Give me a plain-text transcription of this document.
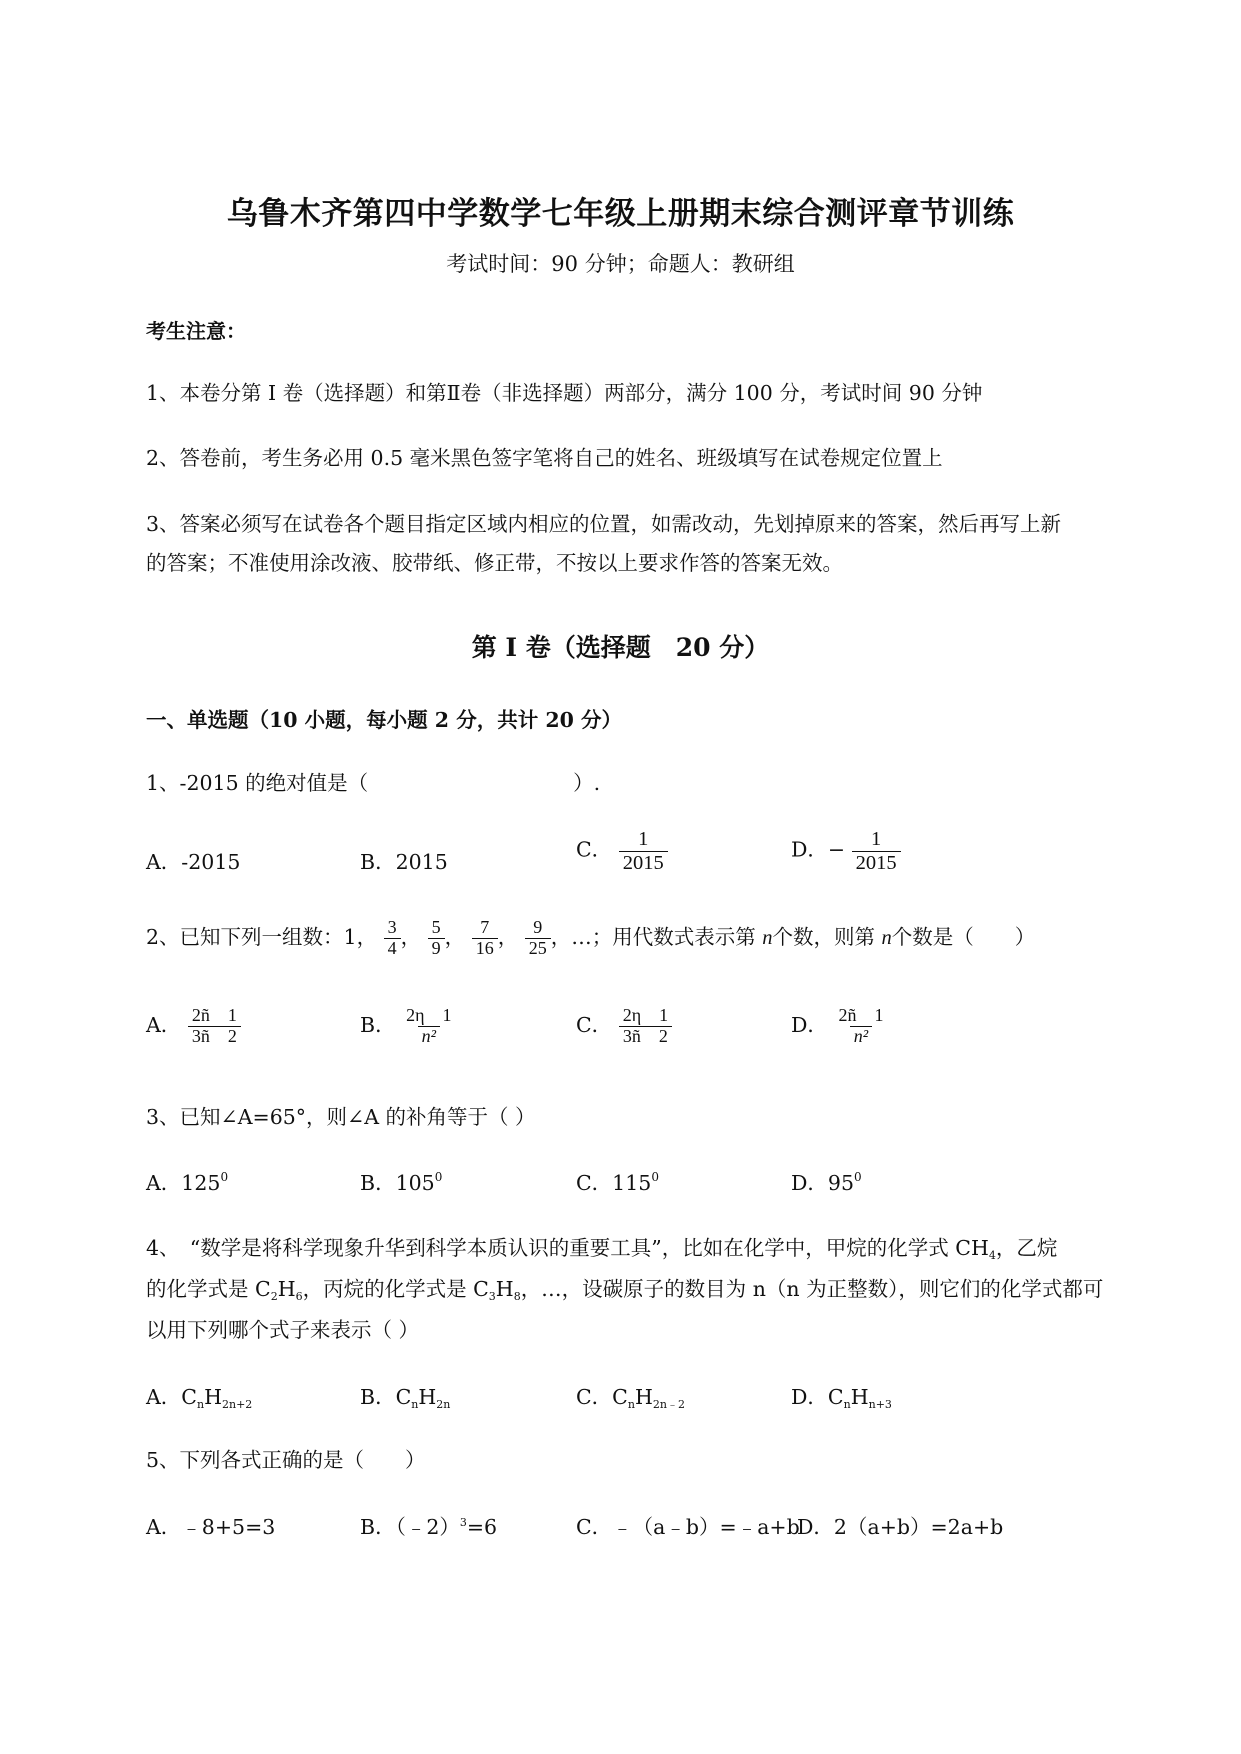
乌鲁木齐第四中学数学七年级上册期末综合测评章节训练
考试时间：90 分钟；命题人：教研组
考生注意：
1、本卷分第 I 卷（选择题）和第Ⅱ卷（非选择题）两部分，满分 100 分，考试时间 90 分钟
2、答卷前，考生务必用 0.5 毫米黑色签字笔将自己的姓名、班级填写在试卷规定位置上
3、答案必须写在试卷各个题目指定区域内相应的位置，如需改动，先划掉原来的答案，然后再写上新
的答案；不准使用涂改液、胶带纸、修正带，不按以上要求作答的答案无效。
第 I 卷（选择题　20 分）
一、单选题（10 小题，每小题 2 分，共计 20 分）
1、-2015 的绝对值是（　　　　　　　　　　）.
A．-2015	B．2015
C． $\frac{1}{2015}$	D．− $\frac{1}{2015}$
2、已知下列一组数：1， $\frac{3}{4}$ ， $\frac{5}{9}$ ， $\frac{7}{16}$ ， $\frac{9}{25}$ ，…；用代数式表示第 n个数，则第 n个数是（　　）
A． $\frac{2ñ 1}{3ñ 2}$	B． $\frac{2\eta 1}{\text{n²}}$	C． $\frac{2\eta 1}{3ñ 2}$	D． $\frac{2ñ 1}{\text{n²}}$
3、已知∠A=65°，则∠A 的补角等于（ ）
A．$125^0$	B．$105^0$	C．$115^0$	D．$95^0$
4、　“数学是将科学现象升华到科学本质认识的重要工具”，比如在化学中，甲烷的化学式 $CH_4$，乙烷
的化学式是 $C_2H_6$，丙烷的化学式是 $C_3H_8$，…，设碳原子的数目为 n（n 为正整数），则它们的化学式都可
以用下列哪个式子来表示（ ）
A．$C_nH_{2n+2}$	B．$C_nH_{2n}$	C．$C_nH_{2n﹣2}$	D．$C_nH_{n+3}$
5、下列各式正确的是（　　）
A．﹣8+5=3	B．（﹣2）$^3$=6	C．﹣（a﹣b）=﹣a+b
D．2（a+b）=2a+b
